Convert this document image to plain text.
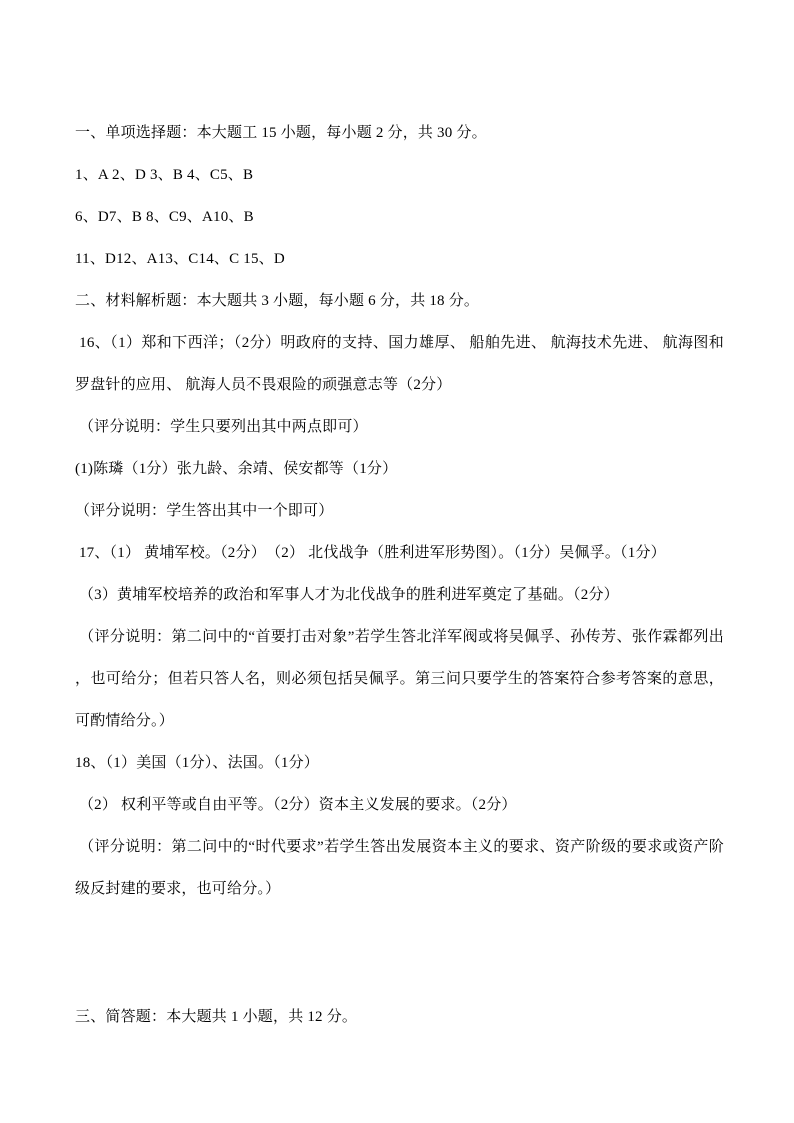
一、单项选择题：本大题工 15 小题，每小题 2 分，共 30 分。

1、A 2、D 3、B 4、C5、B

6、D7、B 8、C9、A10、B

11、D12、A13、C14、C 15、D

二、材料解析题：本大题共 3 小题，每小题 6 分，共 18 分。

16、（1）郑和下西洋；（2分）明政府的支持、国力雄厚、 船舶先进、 航海技术先进、 航海图和罗盘针的应用、 航海人员不畏艰险的顽强意志等（2分）

（评分说明：学生只要列出其中两点即可）

(1)陈璘（1分）张九龄、余靖、侯安都等（1分）

（评分说明：学生答出其中一个即可）

17、（1） 黄埔军校。（2分）　（2） 北伐战争（胜利进军形势图）。（1分）吴佩孚。（1分）

（3）黄埔军校培养的政治和军事人才为北伐战争的胜利进军奠定了基础。（2分）

（评分说明：第二问中的“首要打击对象”若学生答北洋军阀或将吴佩孚、孙传芳、张作霖都列出，也可给分；但若只答人名，则必须包括吴佩孚。第三问只要学生的答案符合参考答案的意思，可酌情给分。）

18、（1）美国（1分）、法国。（1分）

（2） 权利平等或自由平等。（2分）资本主义发展的要求。（2分）

（评分说明：第二问中的“时代要求”若学生答出发展资本主义的要求、资产阶级的要求或资产阶级反封建的要求，也可给分。）

三、简答题：本大题共 1 小题，共 12 分。
